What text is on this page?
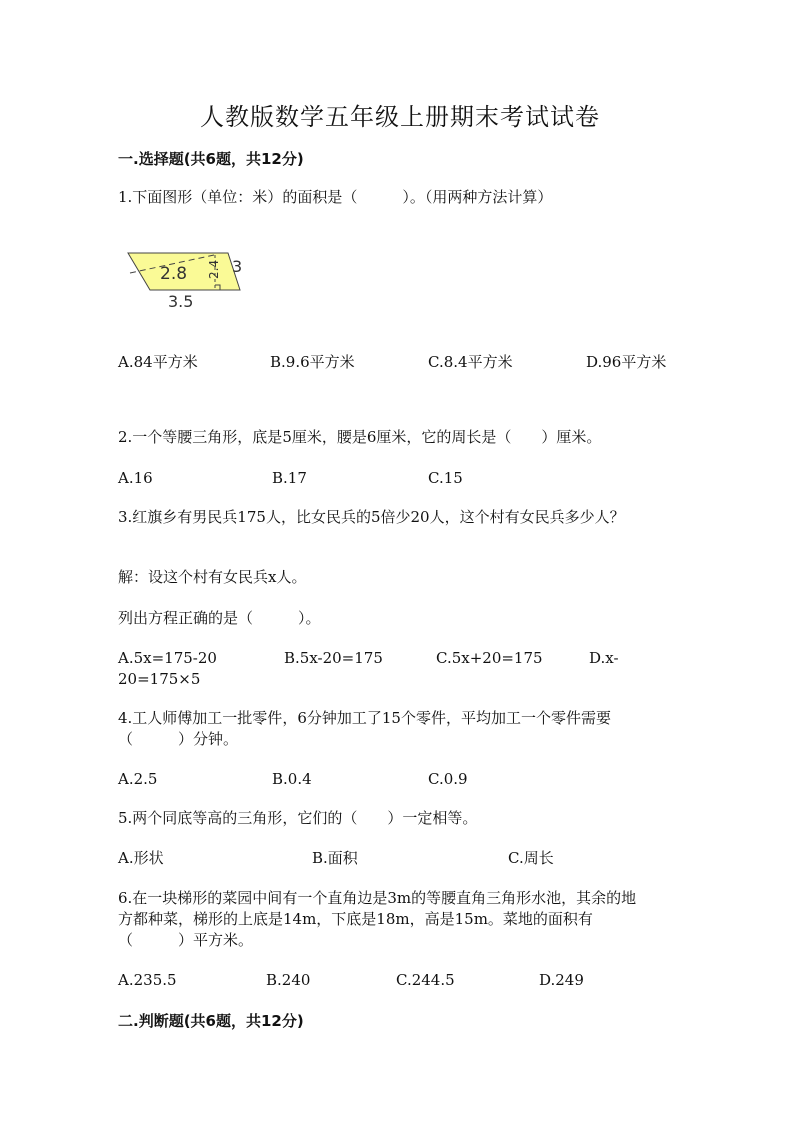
人教版数学五年级上册期末考试试卷
一.选择题(共6题，共12分)
1.下面图形（单位：米）的面积是（　　　）。（用两种方法计算）
2.8 2.4 3
3.5
A.84平方米	B.9.6平方米	C.8.4平方米	D.96平方米
2.一个等腰三角形，底是5厘米，腰是6厘米，它的周长是（　　）厘米。
A.16	B.17	C.15
3.红旗乡有男民兵175人，比女民兵的5倍少20人，这个村有女民兵多少人？
解：设这个村有女民兵x人。
列出方程正确的是（　　　）。
A.5x=175-20	B.5x-20=175	C.5x+20=175	D.x-
20=175×5
4.工人师傅加工一批零件，6分钟加工了15个零件，平均加工一个零件需要
（　　　）分钟。
A.2.5	B.0.4	C.0.9
5.两个同底等高的三角形，它们的（　　）一定相等。
A.形状	B.面积	C.周长
6.在一块梯形的菜园中间有一个直角边是3m的等腰直角三角形水池，其余的地
方都种菜，梯形的上底是14m，下底是18m，高是15m。菜地的面积有
（　　　）平方米。
A.235.5	B.240	C.244.5	D.249
二.判断题(共6题，共12分)
